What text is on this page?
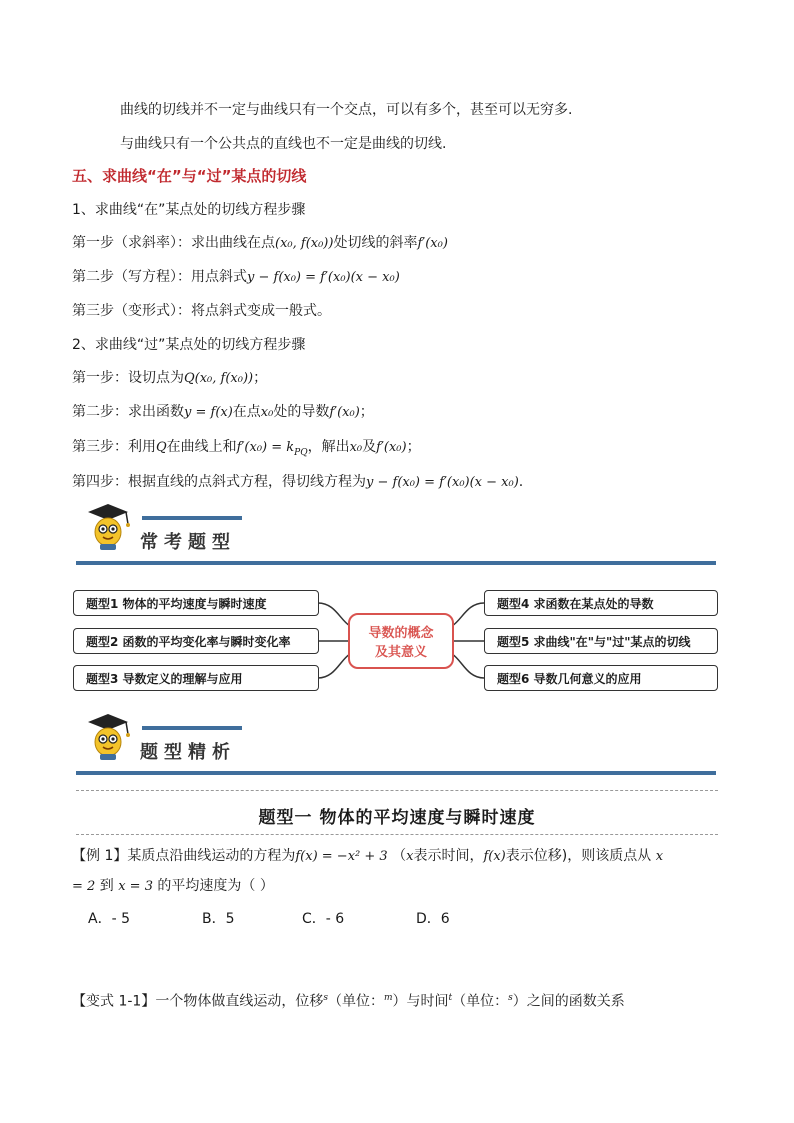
曲线的切线并不一定与曲线只有一个交点，可以有多个，甚至可以无穷多.
与曲线只有一个公共点的直线也不一定是曲线的切线.
五、求曲线“在”与“过”某点的切线
1、求曲线“在”某点处的切线方程步骤
第一步（求斜率）：求出曲线在点(x₀, f(x₀))处切线的斜率f′(x₀)
第二步（写方程）：用点斜式y − f(x₀) = f′(x₀)(x − x₀)
第三步（变形式）：将点斜式变成一般式。
2、求曲线“过”某点处的切线方程步骤
第一步：设切点为Q(x₀, f(x₀))；
第二步：求出函数y = f(x)在点x₀处的导数f′(x₀)；
第三步：利用Q在曲线上和$f'(x_0) = k_{PQ}$，解出x₀及f′(x₀)；
第四步：根据直线的点斜式方程，得切线方程为y − f(x₀) = f′(x₀)(x − x₀).
常考题型
题型1 物体的平均速度与瞬时速度
题型2 函数的平均变化率与瞬时变化率
题型3 导数定义的理解与应用
导数的概念
及其意义
题型4 求函数在某点处的导数
题型5 求曲线"在"与"过"某点的切线
题型6 导数几何意义的应用
题型精析
题型一 物体的平均速度与瞬时速度
【例 1】某质点沿曲线运动的方程为f(x) = −x² + 3 （x表示时间，f(x)表示位移)，则该质点从 x
= 2 到 x = 3 的平均速度为（ ）
A．- 5	B．5	C．- 6	D．6
【变式 1-1】一个物体做直线运动，位移$^s$（单位：$^m$）与时间$^t$（单位：$^s$）之间的函数关系
